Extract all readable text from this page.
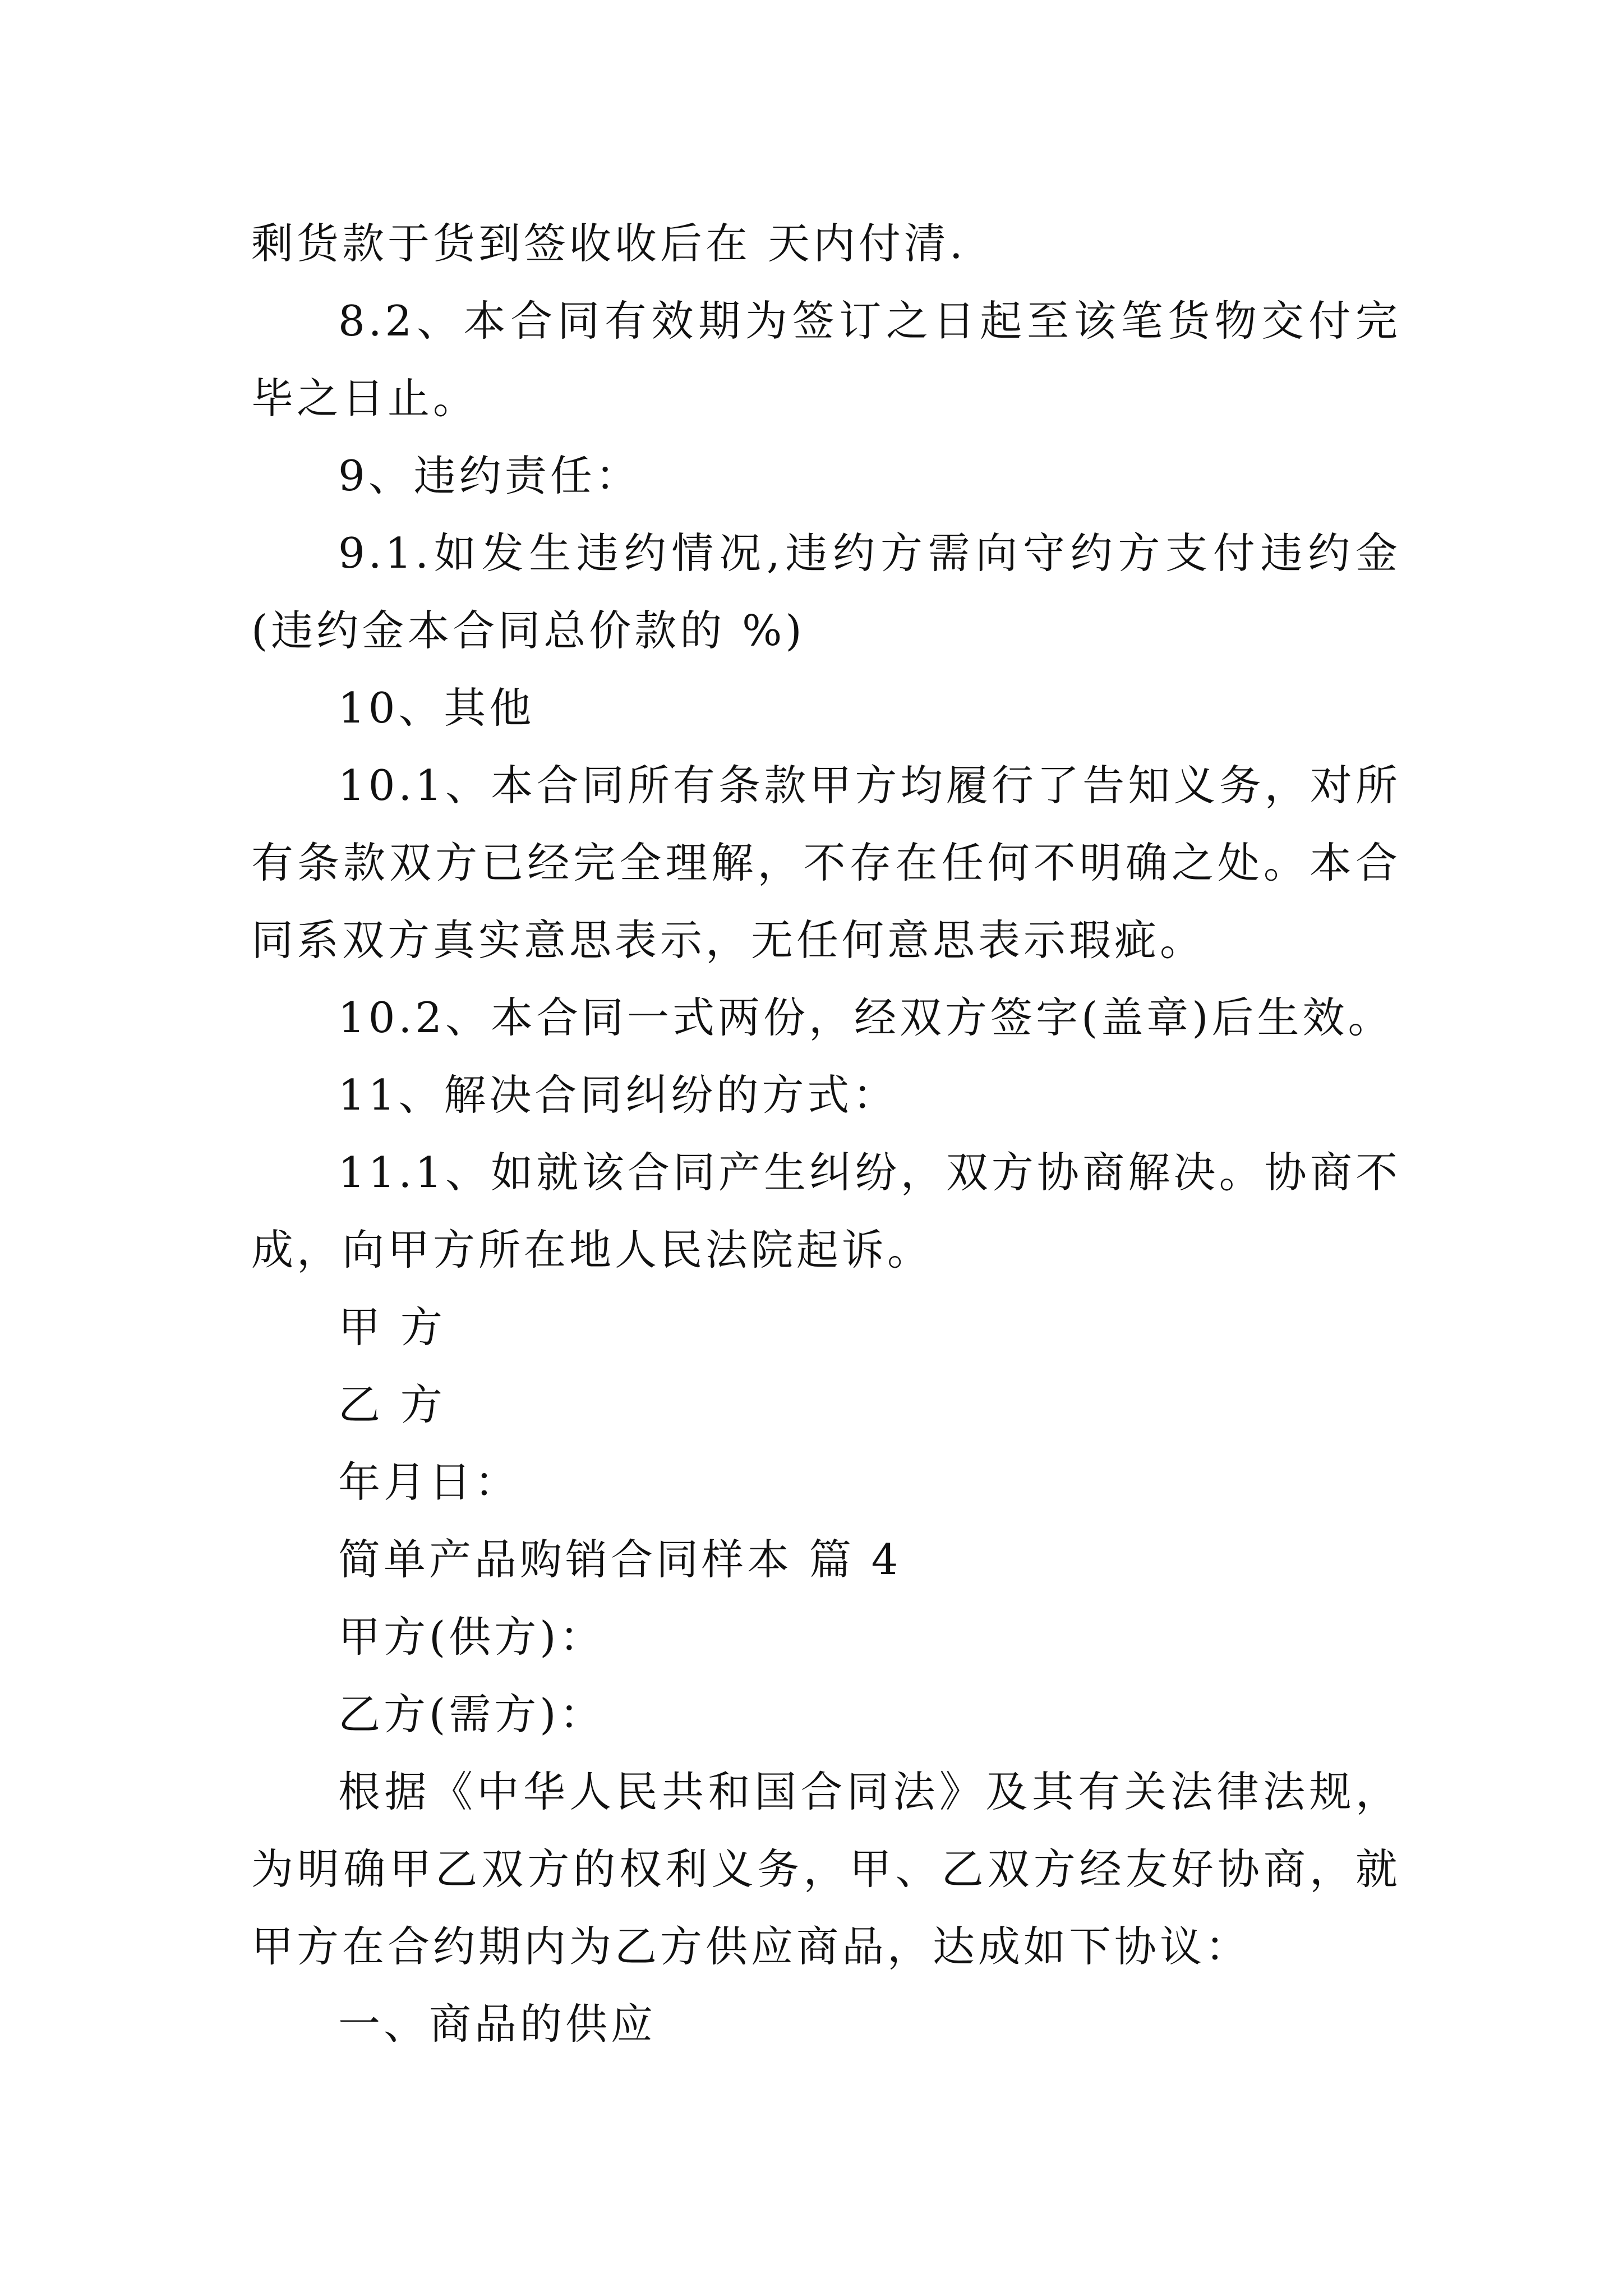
剩货款于货到签收收后在 天内付清.

8.2、本合同有效期为签订之日起至该笔货物交付完毕之日止。

9、违约责任：

9.1.如发生违约情况,违约方需向守约方支付违约金(违约金本合同总价款的 %)

10、其他

10.1、本合同所有条款甲方均履行了告知义务，对所有条款双方已经完全理解，不存在任何不明确之处。本合同系双方真实意思表示，无任何意思表示瑕疵。

10.2、本合同一式两份，经双方签字(盖章)后生效。

11、解决合同纠纷的方式：

11.1、如就该合同产生纠纷，双方协商解决。协商不成，向甲方所在地人民法院起诉。

甲 方

乙 方

年月日：

简单产品购销合同样本 篇 4

甲方(供方)：

乙方(需方)：

根据《中华人民共和国合同法》及其有关法律法规，为明确甲乙双方的权利义务，甲、乙双方经友好协商，就甲方在合约期内为乙方供应商品，达成如下协议：

一、商品的供应
